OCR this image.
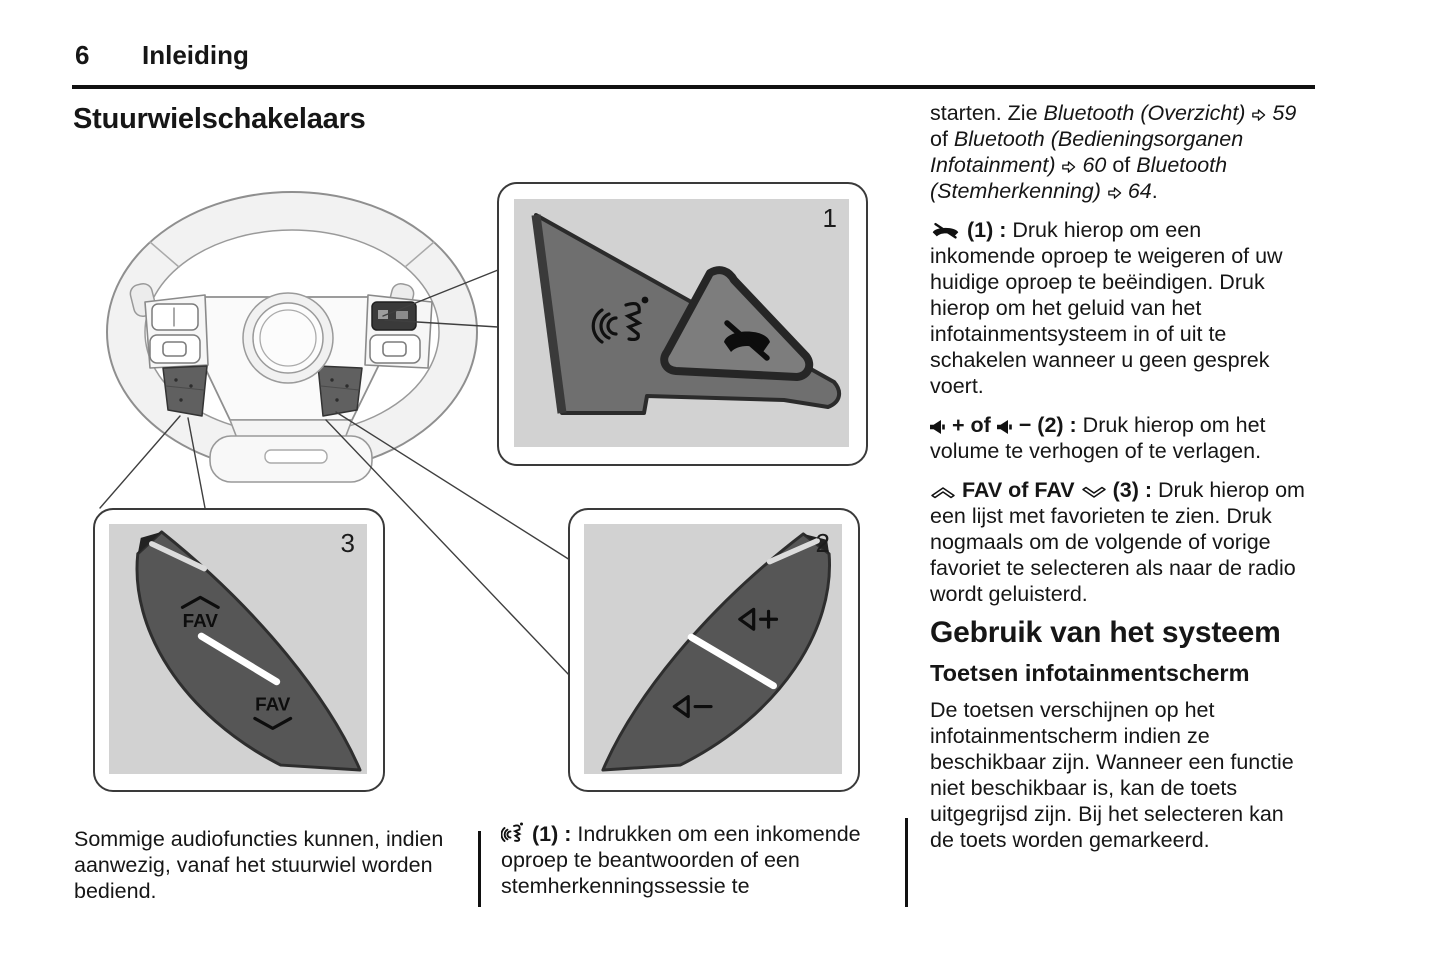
6 Inleiding
Stuurwielschakelaars
1
2
FAV
FAV
3
Sommige audiofuncties kunnen, indien aanwezig, vanaf het stuurwiel worden bediend.
(1) : Indrukken om een inkomende oproep te beantwoorden of een stemherkenningssessie te

starten. Zie Bluetooth (Overzicht)  59 of Bluetooth (Bedieningsorganen Infotainment)  60 of Bluetooth (Stemherkenning)  64.

(1) : Druk hierop om een inkomende oproep te weigeren of uw huidige oproep te beëindigen. Druk hierop om het geluid van het infotainmentsysteem in of uit te schakelen wanneer u geen gesprek voert.

+ of  − (2) : Druk hierop om het volume te verhogen of te verlagen.

FAV of FAV  (3) : Druk hierop om een lijst met favorieten te zien. Druk nogmaals om de volgende of vorige favoriet te selecteren als naar de radio wordt geluisterd.

Gebruik van het systeem
Toetsen infotainmentscherm

De toetsen verschijnen op het infotainmentscherm indien ze beschikbaar zijn. Wanneer een functie niet beschikbaar is, kan de toets uitgegrijsd zijn. Bij het selecteren kan de toets worden gemarkeerd.
